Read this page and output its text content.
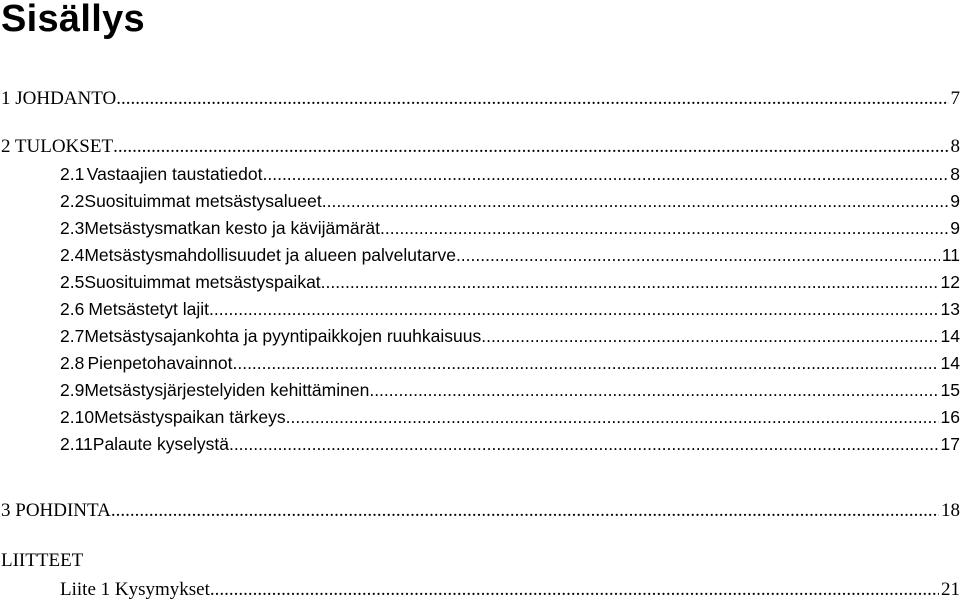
Sisällys
1 JOHDANTO .....	7
2 TULOKSET .....	8
2.1 Vastaajien taustatiedot .....	8
2.2 Suosituimmat metsästysalueet .....	9
2.3 Metsästysmatkan kesto ja kävijämärät .....	9
2.4 Metsästysmahdollisuudet ja alueen palvelutarve .....	11
2.5 Suosituimmat metsästyspaikat .....	12
2.6 Metsästetyt lajit .....	13
2.7 Metsästysajankohta ja pyyntipaikkojen ruuhkaisuus .....	14
2.8 Pienpetohavainnot .....	14
2.9 Metsästysjärjestelyiden kehittäminen .....	15
2.10 Metsästyspaikan tärkeys .....	16
2.11 Palaute kyselystä .....	17
3 POHDINTA .....	18
LIITTEET
Liite 1 Kysymykset .....	21
